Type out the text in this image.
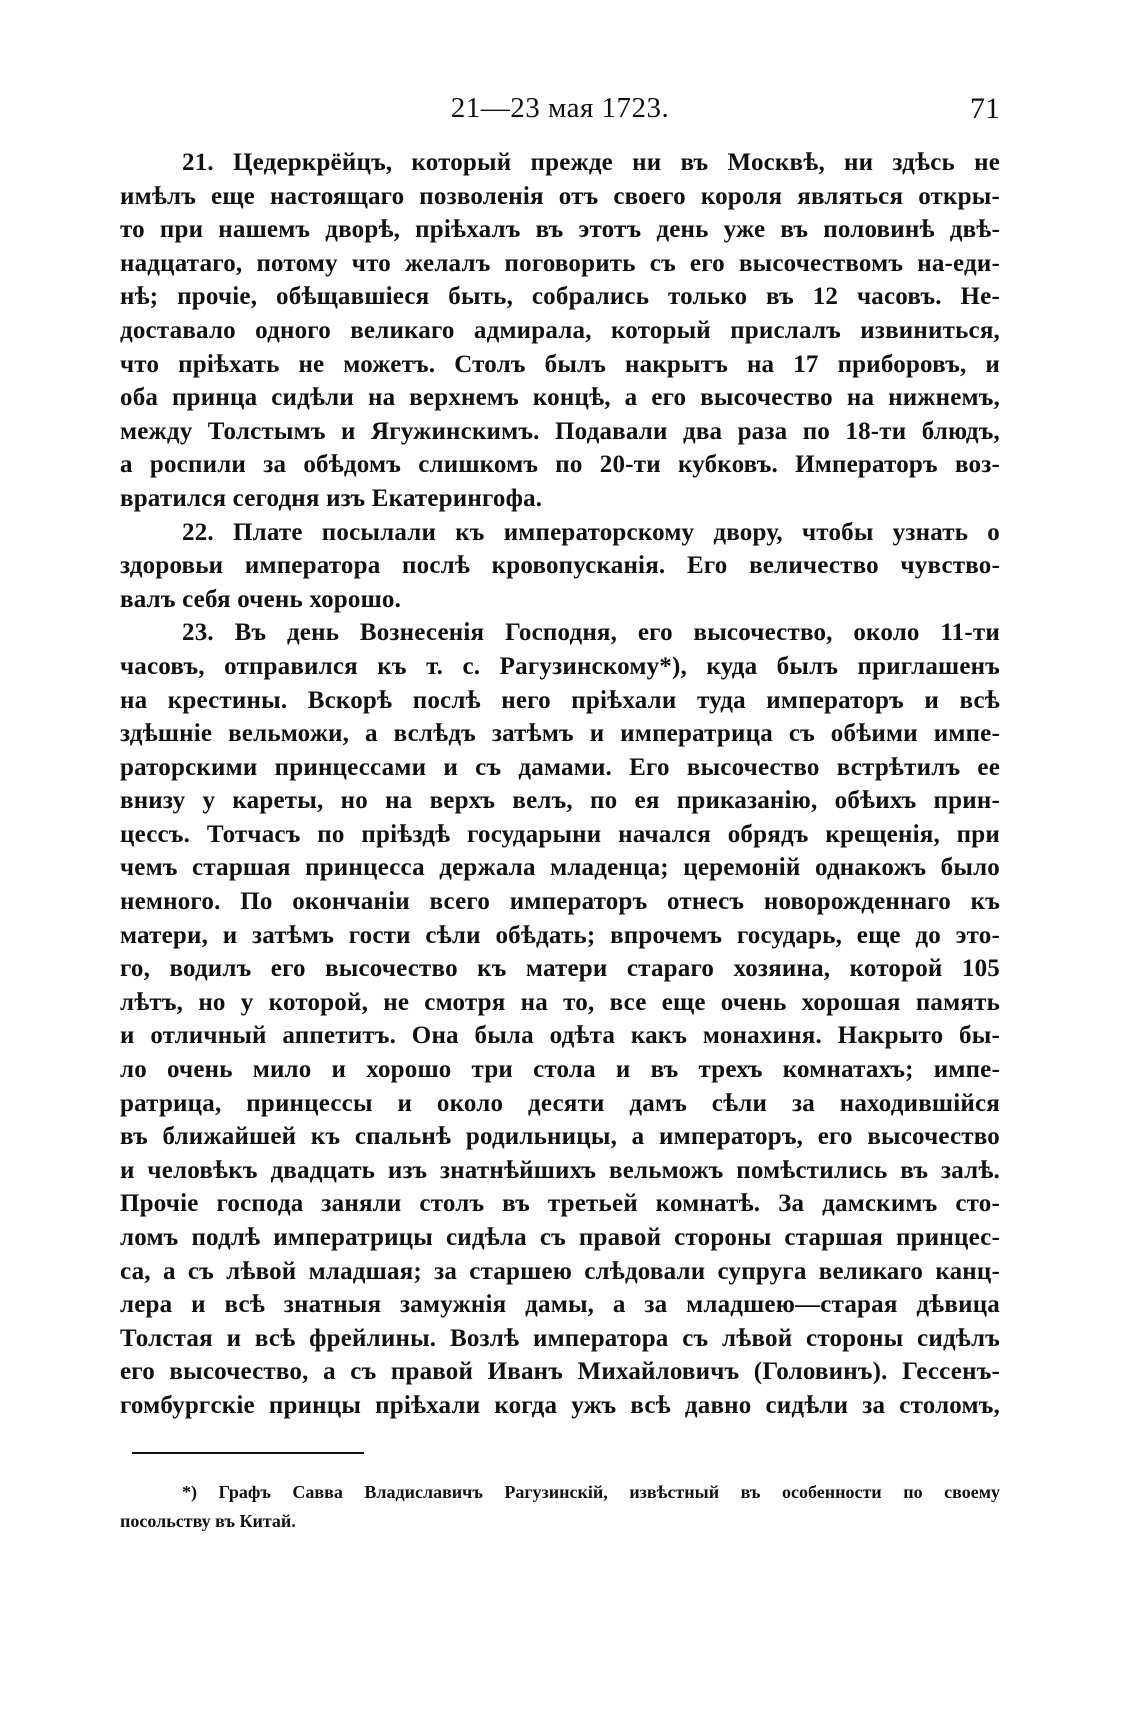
21—23 мая 1723.	71
21. Цедеркрёйцъ, который прежде ни въ Москвѣ, ни здѣсь не
имѣлъ еще настоящаго позволенія отъ своего короля являться откры-
то при нашемъ дворѣ, пріѣхалъ въ этотъ день уже въ половинѣ двѣ-
надцатаго, потому что желалъ поговорить съ его высочествомъ на-еди-
нѣ; прочіе, обѣщавшіеся быть, собрались только въ 12 часовъ. Не-
доставало одного великаго адмирала, который прислалъ извиниться,
что пріѣхать не можетъ. Столъ былъ накрытъ на 17 приборовъ, и
оба принца сидѣли на верхнемъ концѣ, а его высочество на нижнемъ,
между Толстымъ и Ягужинскимъ. Подавали два раза по 18-ти блюдъ,
а роспили за обѣдомъ слишкомъ по 20-ти кубковъ. Императоръ воз-
вратился сегодня изъ Екатерингофа.
22. Плате посылали къ императорскому двору, чтобы узнать о
здоровьи императора послѣ кровопусканія. Его величество чувство-
валъ себя очень хорошо.
23. Въ день Вознесенія Господня, его высочество, около 11-ти
часовъ, отправился къ т. с. Рагузинскому*), куда былъ приглашенъ
на крестины. Вскорѣ послѣ него пріѣхали туда императоръ и всѣ
здѣшніе вельможи, а вслѣдъ затѣмъ и императрица съ обѣими импе-
раторскими принцессами и съ дамами. Его высочество встрѣтилъ ее
внизу у кареты, но на верхъ велъ, по ея приказанію, обѣихъ прин-
цессъ. Тотчасъ по пріѣздѣ государыни начался обрядъ крещенія, при
чемъ старшая принцесса держала младенца; церемоній однакожъ было
немного. По окончаніи всего императоръ отнесъ новорожденнаго къ
матери, и затѣмъ гости сѣли обѣдать; впрочемъ государь, еще до это-
го, водилъ его высочество къ матери стараго хозяина, которой 105
лѣтъ, но у которой, не смотря на то, все еще очень хорошая память
и отличный аппетитъ. Она была одѣта какъ монахиня. Накрыто бы-
ло очень мило и хорошо три стола и въ трехъ комнатахъ; импе-
ратрица, принцессы и около десяти дамъ сѣли за находившійся
въ ближайшей къ спальнѣ родильницы, а императоръ, его высочество
и человѣкъ двадцать изъ знатнѣйшихъ вельможъ помѣстились въ залѣ.
Прочіе господа заняли столъ въ третьей комнатѣ. За дамскимъ сто-
ломъ подлѣ императрицы сидѣла съ правой стороны старшая принцес-
са, а съ лѣвой младшая; за старшею слѣдовали супруга великаго канц-
лера и всѣ знатныя замужнія дамы, а за младшею—старая дѣвица
Толстая и всѣ фрейлины. Возлѣ императора съ лѣвой стороны сидѣлъ
его высочество, а съ правой Иванъ Михайловичъ (Головинъ). Гессенъ-
гомбургскіе принцы пріѣхали когда ужъ всѣ давно сидѣли за столомъ,
*) Графъ Савва Владиславичъ Рагузинскій, извѣстный въ особенности по своему
посольству въ Китай.
